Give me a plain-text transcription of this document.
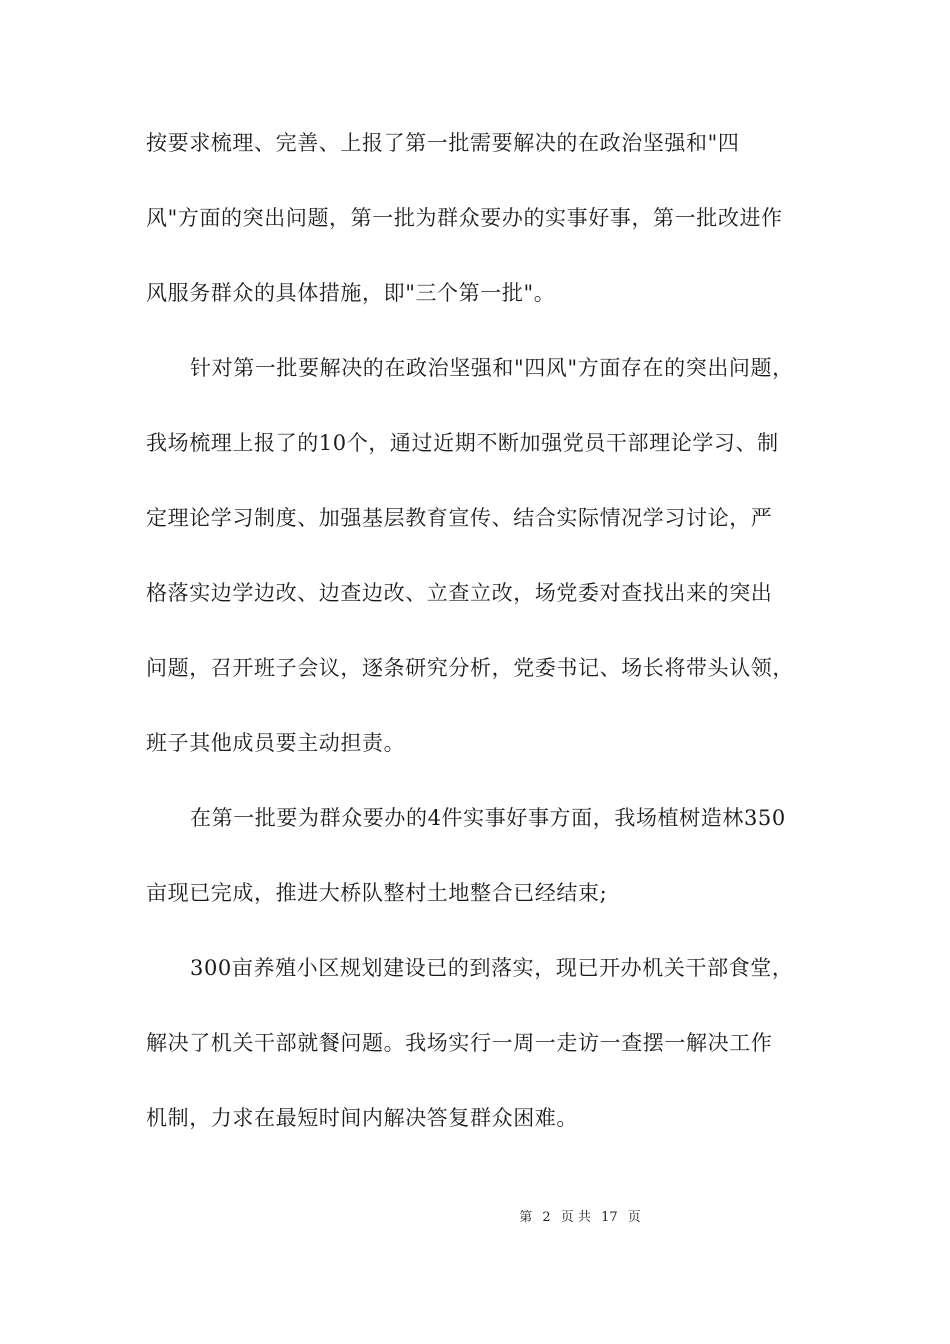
按要求梳理、完善、上报了第一批需要解决的在政治坚强和"四
风"方面的突出问题，第一批为群众要办的实事好事，第一批改进作
风服务群众的具体措施，即"三个第一批"。
针对第一批要解决的在政治坚强和"四风"方面存在的突出问题，
我场梳理上报了的10个，通过近期不断加强党员干部理论学习、制
定理论学习制度、加强基层教育宣传、结合实际情况学习讨论，严
格落实边学边改、边查边改、立查立改，场党委对查找出来的突出
问题，召开班子会议，逐条研究分析，党委书记、场长将带头认领，
班子其他成员要主动担责。
在第一批要为群众要办的4件实事好事方面，我场植树造林350
亩现已完成，推进大桥队整村土地整合已经结束;
300亩养殖小区规划建设已的到落实，现已开办机关干部食堂，
解决了机关干部就餐问题。我场实行一周一走访一查摆一解决工作
机制，力求在最短时间内解决答复群众困难。
第 2 页 共 17 页
